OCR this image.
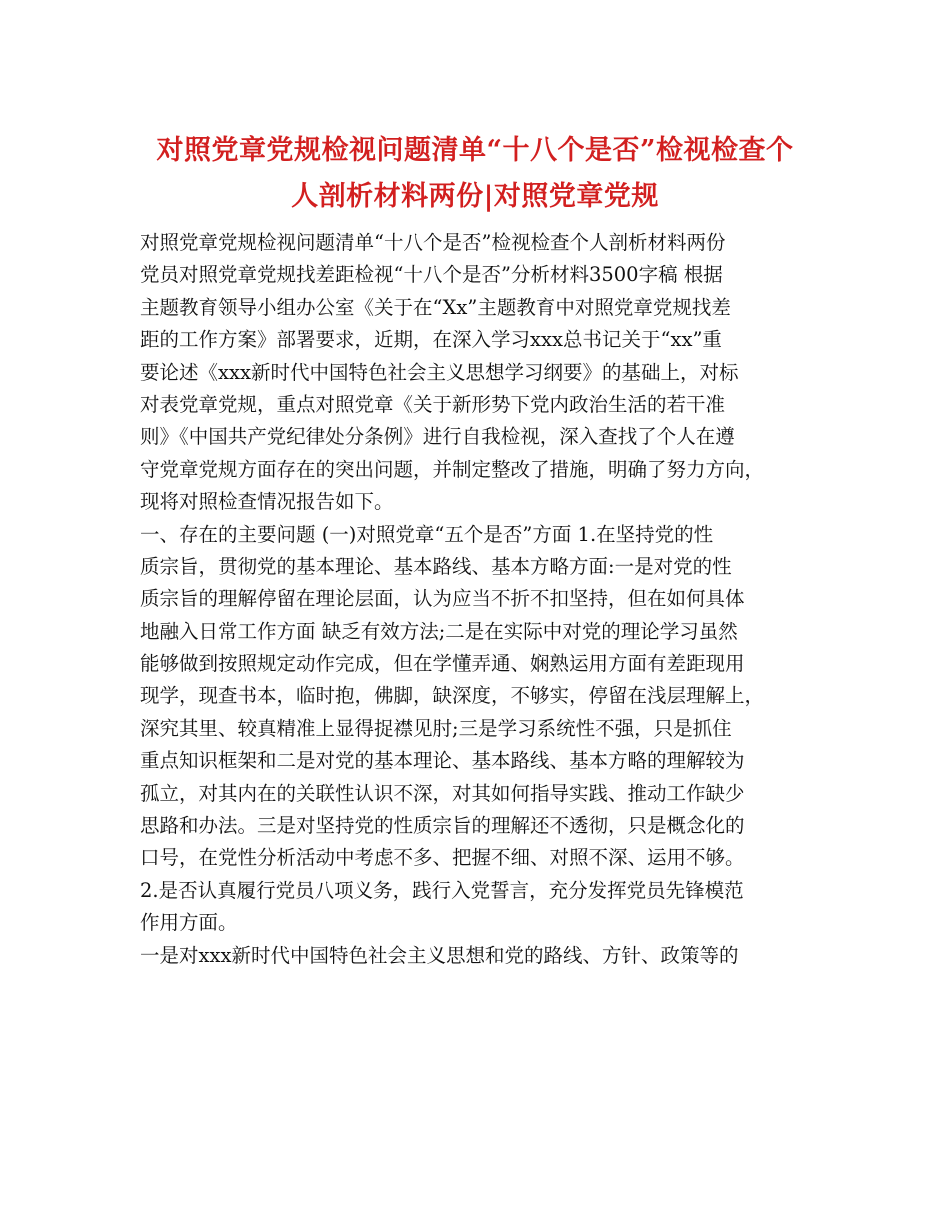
对照党章党规检视问题清单“十八个是否”检视检查个
人剖析材料两份|对照党章党规
对照党章党规检视问题清单“十八个是否”检视检查个人剖析材料两份
党员对照党章党规找差距检视“十八个是否”分析材料3500字稿 根据
主题教育领导小组办公室《关于在“Xx”主题教育中对照党章党规找差
距的工作方案》部署要求，近期，在深入学习xxx总书记关于“xx”重
要论述《xxx新时代中国特色社会主义思想学习纲要》的基础上，对标
对表党章党规，重点对照党章《关于新形势下党内政治生活的若干准
则》《中国共产党纪律处分条例》进行自我检视，深入查找了个人在遵
守党章党规方面存在的突出问题，并制定整改了措施，明确了努力方向，
现将对照检查情况报告如下。
一、存在的主要问题 (一)对照党章“五个是否”方面 1.在坚持党的性
质宗旨，贯彻党的基本理论、基本路线、基本方略方面:一是对党的性
质宗旨的理解停留在理论层面，认为应当不折不扣坚持，但在如何具体
地融入日常工作方面 缺乏有效方法;二是在实际中对党的理论学习虽然
能够做到按照规定动作完成，但在学懂弄通、娴熟运用方面有差距现用
现学，现查书本，临时抱，佛脚，缺深度，不够实，停留在浅层理解上，
深究其里、较真精准上显得捉襟见肘;三是学习系统性不强，只是抓住
重点知识框架和二是对党的基本理论、基本路线、基本方略的理解较为
孤立，对其内在的关联性认识不深，对其如何指导实践、推动工作缺少
思路和办法。三是对坚持党的性质宗旨的理解还不透彻，只是概念化的
口号，在党性分析活动中考虑不多、把握不细、对照不深、运用不够。
2.是否认真履行党员八项义务，践行入党誓言，充分发挥党员先锋模范
作用方面。
一是对xxx新时代中国特色社会主义思想和党的路线、方针、政策等的
